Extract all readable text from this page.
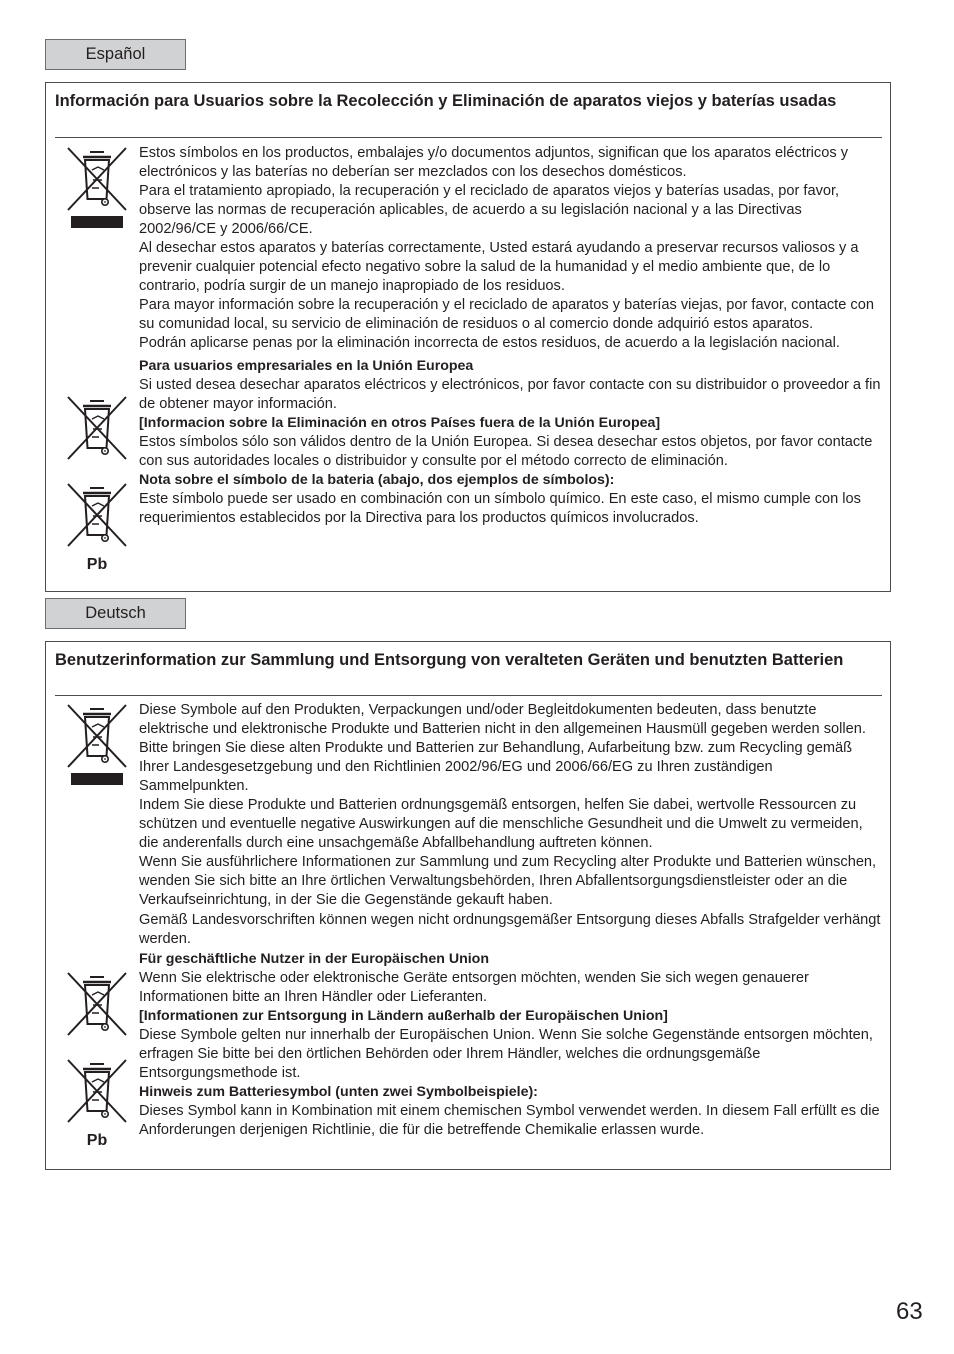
Español
Información para Usuarios sobre la Recolección y Eliminación de aparatos viejos y baterías usadas
Pb

Estos símbolos en los productos, embalajes y/o documentos adjuntos, significan que los aparatos eléctricos y electrónicos y las baterías no deberían ser mezclados con los desechos domésticos.

Para el tratamiento apropiado, la recuperación y el reciclado de aparatos viejos y baterías usadas, por favor, observe las normas de recuperación aplicables, de acuerdo a su legislación nacional y a las Directivas 2002/96/CE y 2006/66/CE.

Al desechar estos aparatos y baterías correctamente, Usted estará ayudando a preservar recursos valiosos y a prevenir cualquier potencial efecto negativo sobre la salud de la humanidad y el medio ambiente que, de lo contrario, podría surgir de un manejo inapropiado de los residuos.

Para mayor información sobre la recuperación y el reciclado de aparatos y baterías viejas, por favor, contacte con su comunidad local, su servicio de eliminación de residuos o al comercio donde adquirió estos aparatos.

Podrán aplicarse penas por la eliminación incorrecta de estos residuos, de acuerdo a la legislación nacional.

Para usuarios empresariales en la Unión Europea

Si usted desea desechar aparatos eléctricos y electrónicos, por favor contacte con su distribuidor o proveedor a fin de obtener mayor información.

[Informacion sobre la Eliminación en otros Países fuera de la Unión Europea]

Estos símbolos sólo son válidos dentro de la Unión Europea. Si desea desechar estos objetos, por favor contacte con sus autoridades locales o distribuidor y consulte por el método correcto de eliminación.

Nota sobre el símbolo de la bateria (abajo, dos ejemplos de símbolos):

Este símbolo puede ser usado en combinación con un símbolo químico. En este caso, el mismo cumple con los requerimientos establecidos por la Directiva para los productos químicos involucrados.

Deutsch
Benutzerinformation zur Sammlung und Entsorgung von veralteten Geräten und benutzten Batterien
Pb

Diese Symbole auf den Produkten, Verpackungen und/oder Begleitdokumenten bedeuten, dass benutzte elektrische und elektronische Produkte und Batterien nicht in den allgemeinen Hausmüll gegeben werden sollen.

Bitte bringen Sie diese alten Produkte und Batterien zur Behandlung, Aufarbeitung bzw. zum Recycling gemäß Ihrer Landesgesetzgebung und den Richtlinien 2002/96/EG und 2006/66/EG zu Ihren zuständigen Sammelpunkten.

Indem Sie diese Produkte und Batterien ordnungsgemäß entsorgen, helfen Sie dabei, wertvolle Ressourcen zu schützen und eventuelle negative Auswirkungen auf die menschliche Gesundheit und die Umwelt zu vermeiden, die anderenfalls durch eine unsachgemäße Abfallbehandlung auftreten können.

Wenn Sie ausführlichere Informationen zur Sammlung und zum Recycling alter Produkte und Batterien wünschen, wenden Sie sich bitte an Ihre örtlichen Verwaltungsbehörden, Ihren Abfallentsorgungsdienstleister oder an die Verkaufseinrichtung, in der Sie die Gegenstände gekauft haben.

Gemäß Landesvorschriften können wegen nicht ordnungsgemäßer Entsorgung dieses Abfalls Strafgelder verhängt werden.

Für geschäftliche Nutzer in der Europäischen Union

Wenn Sie elektrische oder elektronische Geräte entsorgen möchten, wenden Sie sich wegen genauerer Informationen bitte an Ihren Händler oder Lieferanten.

[Informationen zur Entsorgung in Ländern außerhalb der Europäischen Union]

Diese Symbole gelten nur innerhalb der Europäischen Union. Wenn Sie solche Gegenstände entsorgen möchten, erfragen Sie bitte bei den örtlichen Behörden oder Ihrem Händler, welches die ordnungsgemäße Entsorgungsmethode ist.

Hinweis zum Batteriesymbol (unten zwei Symbolbeispiele):

Dieses Symbol kann in Kombination mit einem chemischen Symbol verwendet werden. In diesem Fall erfüllt es die Anforderungen derjenigen Richtlinie, die für die betreffende Chemikalie erlassen wurde.

63
